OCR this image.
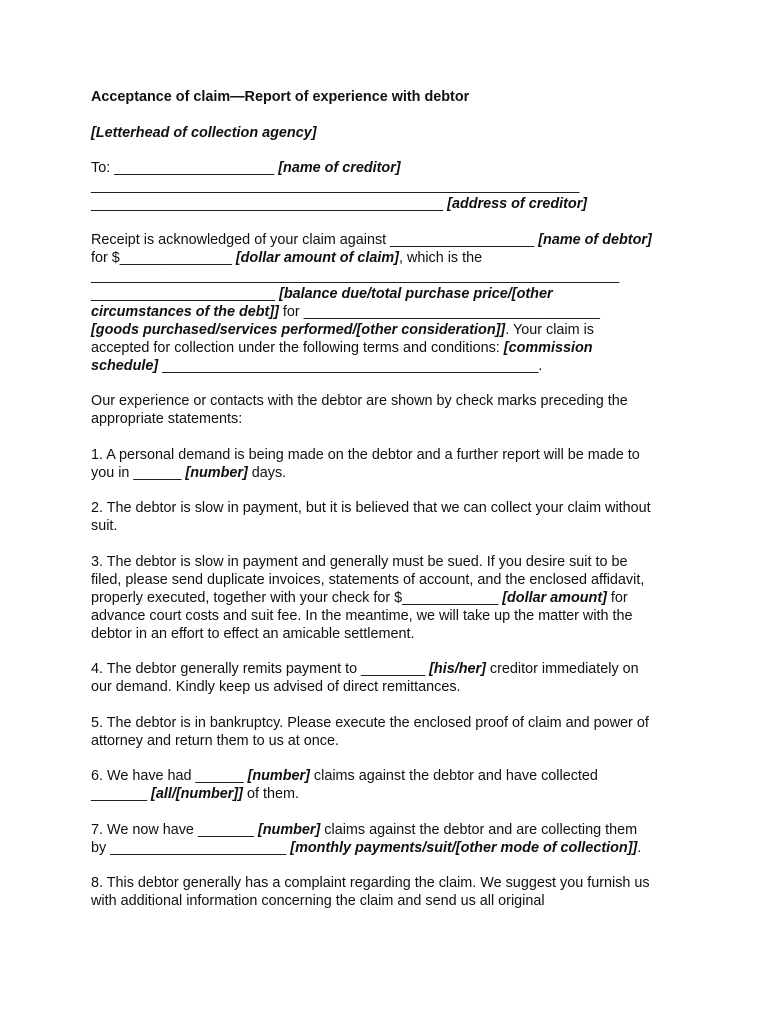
Acceptance of claim—Report of experience with debtor
[Letterhead of collection agency]
To: ____________________ [name of creditor]
_____________________________________________________________
____________________________________________ [address of creditor]
Receipt is acknowledged of your claim against __________________ [name of debtor]
for $______________ [dollar amount of claim], which is the
__________________________________________________________________
_______________________ [balance due/total purchase price/[other
circumstances of the debt]] for _____________________________________
[goods purchased/services performed/[other consideration]]. Your claim is
accepted for collection under the following terms and conditions: [commission
schedule] _______________________________________________.
Our experience or contacts with the debtor are shown by check marks preceding the
appropriate statements:
1. A personal demand is being made on the debtor and a further report will be made to
you in ______ [number] days.
2. The debtor is slow in payment, but it is believed that we can collect your claim without
suit.
3. The debtor is slow in payment and generally must be sued. If you desire suit to be
filed, please send duplicate invoices, statements of account, and the enclosed affidavit,
properly executed, together with your check for $____________ [dollar amount] for
advance court costs and suit fee. In the meantime, we will take up the matter with the
debtor in an effort to effect an amicable settlement.
4. The debtor generally remits payment to ________ [his/her] creditor immediately on
our demand. Kindly keep us advised of direct remittances.
5. The debtor is in bankruptcy. Please execute the enclosed proof of claim and power of
attorney and return them to us at once.
6. We have had ______ [number] claims against the debtor and have collected
_______ [all/[number]] of them.
7. We now have _______ [number] claims against the debtor and are collecting them
by ______________________ [monthly payments/suit/[other mode of collection]].
8. This debtor generally has a complaint regarding the claim. We suggest you furnish us
with additional information concerning the claim and send us all original
